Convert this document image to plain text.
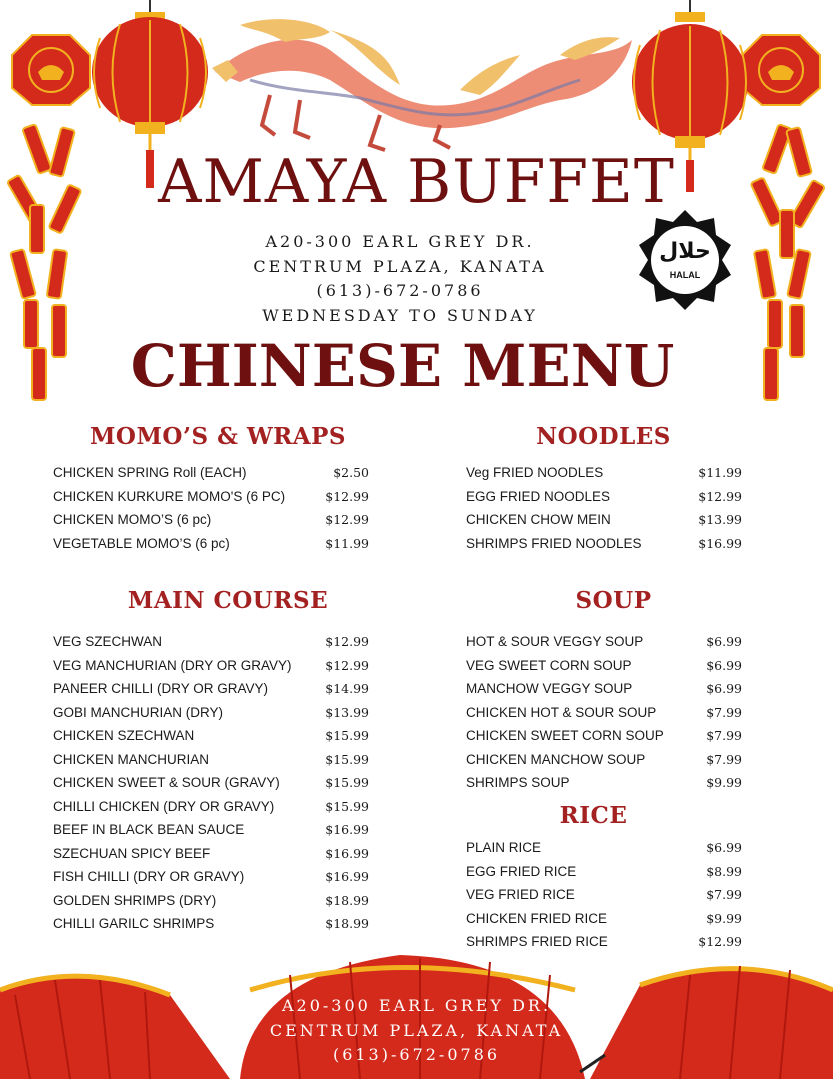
حلال
HALAL
AMAYA BUFFET
A20-300 EARL GREY DR.
CENTRUM PLAZA, KANATA
(613)-672-0786
WEDNESDAY TO SUNDAY
CHINESE MENU
MOMO’S & WRAPS
CHICKEN SPRING Roll (EACH)	$2.50
CHICKEN KURKURE MOMO'S (6 PC)	$12.99
CHICKEN MOMO’S (6 pc)	$12.99
VEGETABLE MOMO’S (6 pc)	$11.99
NOODLES
Veg FRIED NOODLES	$11.99
EGG FRIED NOODLES	$12.99
CHICKEN CHOW MEIN	$13.99
SHRIMPS FRIED NOODLES	$16.99
MAIN COURSE
VEG SZECHWAN	$12.99
VEG MANCHURIAN (DRY OR GRAVY)	$12.99
PANEER CHILLI (DRY OR GRAVY)	$14.99
GOBI MANCHURIAN (DRY)	$13.99
CHICKEN SZECHWAN	$15.99
CHICKEN MANCHURIAN	$15.99
CHICKEN SWEET & SOUR (GRAVY)	$15.99
CHILLI CHICKEN (DRY OR GRAVY)	$15.99
BEEF IN BLACK BEAN SAUCE	$16.99
SZECHUAN SPICY BEEF	$16.99
FISH CHILLI (DRY OR GRAVY)	$16.99
GOLDEN SHRIMPS (DRY)	$18.99
CHILLI GARILC SHRIMPS	$18.99
SOUP
HOT & SOUR VEGGY SOUP	$6.99
VEG SWEET CORN SOUP	$6.99
MANCHOW VEGGY SOUP	$6.99
CHICKEN HOT & SOUR SOUP	$7.99
CHICKEN SWEET CORN SOUP	$7.99
CHICKEN MANCHOW SOUP	$7.99
SHRIMPS SOUP	$9.99
RICE
PLAIN RICE	$6.99
EGG FRIED RICE	$8.99
VEG FRIED RICE	$7.99
CHICKEN FRIED RICE	$9.99
SHRIMPS FRIED RICE	$12.99
A20-300 EARL GREY DR.
CENTRUM PLAZA, KANATA
(613)-672-0786
